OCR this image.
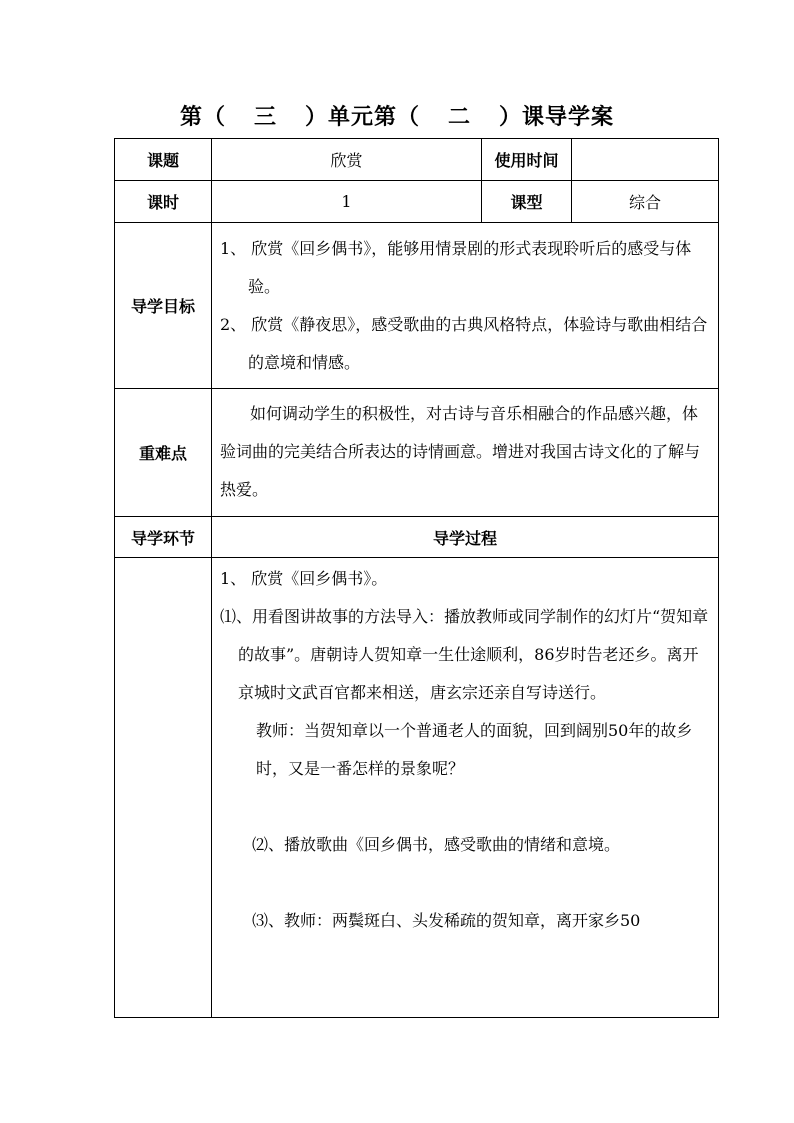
第（ 三 ）单元第（ 二 ）课导学案
课题	欣赏	使用时间	
课时	1	课型	综合
导学目标	1、 欣赏《回乡偶书》，能够用情景剧的形式表现聆听后的感受与体验。
2、 欣赏《静夜思》，感受歌曲的古典风格特点，体验诗与歌曲相结合的意境和情感。		

重难点	如何调动学生的积极性，对古诗与音乐相融合的作品感兴趣，体验词曲的完美结合所表达的诗情画意。增进对我国古诗文化的了解与热爱。		

导学环节	导学过程		

	1、 欣赏《回乡偶书》。

⑴、用看图讲故事的方法导入：播放教师或同学制作的幻灯片“贺知章的故事”。唐朝诗人贺知章一生仕途顺利，86岁时告老还乡。离开京城时文武百官都来相送，唐玄宗还亲自写诗送行。

教师：当贺知章以一个普通老人的面貌，回到阔别50年的故乡时，又是一番怎样的景象呢？

⑵、播放歌曲《回乡偶书，感受歌曲的情绪和意境。

⑶、教师：两鬓斑白、头发稀疏的贺知章，离开家乡50		
